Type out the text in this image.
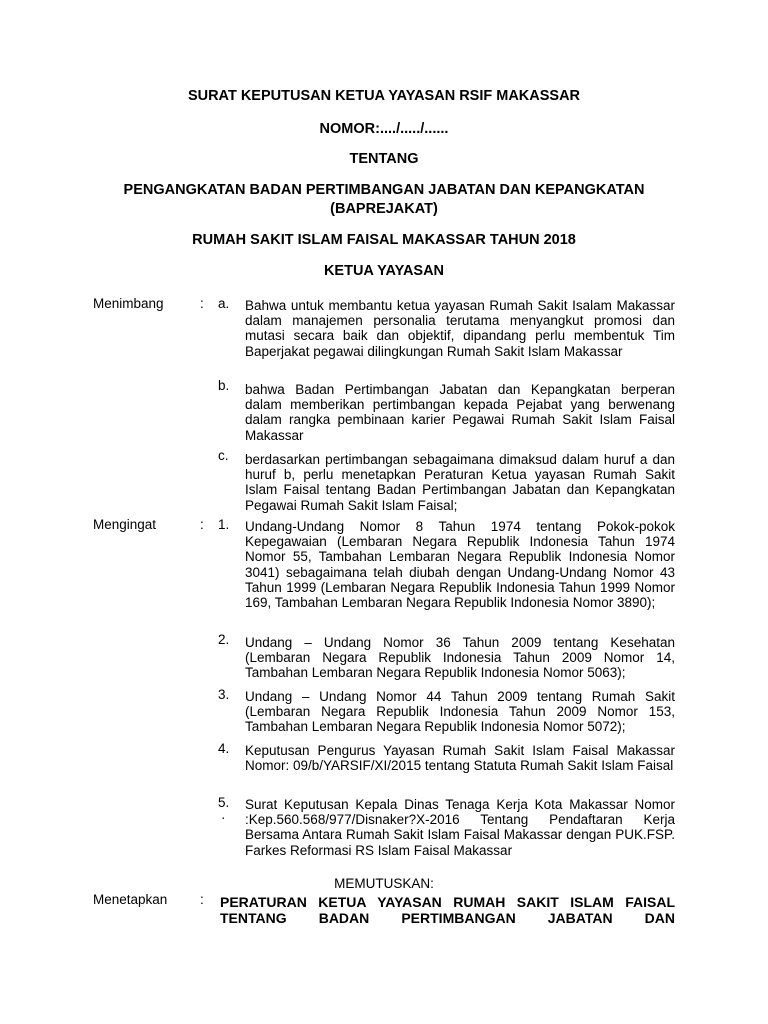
SURAT KEPUTUSAN KETUA YAYASAN RSIF MAKASSAR
NOMOR:..../...../......
TENTANG
PENGANGKATAN BADAN PERTIMBANGAN JABATAN DAN KEPANGKATAN
(BAPREJAKAT)
RUMAH SAKIT ISLAM FAISAL MAKASSAR TAHUN 2018
KETUA YAYASAN
Menimbang	: a. Bahwa untuk membantu ketua yayasan Rumah Sakit Isalam Makassar dalam manajemen personalia terutama menyangkut promosi dan mutasi secara baik dan objektif, dipandang perlu membentuk Tim Baperjakat pegawai dilingkungan Rumah Sakit Islam Makassar
b. bahwa Badan Pertimbangan Jabatan dan Kepangkatan berperan dalam memberikan pertimbangan kepada Pejabat yang berwenang dalam rangka pembinaan karier Pegawai Rumah Sakit Islam Faisal Makassar
c. berdasarkan pertimbangan sebagaimana dimaksud dalam huruf a dan huruf b, perlu menetapkan Peraturan Ketua yayasan Rumah Sakit Islam Faisal tentang Badan Pertimbangan Jabatan dan Kepangkatan Pegawai Rumah Sakit Islam Faisal;
Mengingat	: 1. Undang-Undang Nomor 8 Tahun 1974 tentang Pokok-pokok Kepegawaian (Lembaran Negara Republik Indonesia Tahun 1974 Nomor 55, Tambahan Lembaran Negara Republik Indonesia Nomor 3041) sebagaimana telah diubah dengan Undang-Undang Nomor 43 Tahun 1999 (Lembaran Negara Republik Indonesia Tahun 1999 Nomor 169, Tambahan Lembaran Negara Republik Indonesia Nomor 3890);
2. Undang – Undang Nomor 36 Tahun 2009 tentang Kesehatan (Lembaran Negara Republik Indonesia Tahun 2009 Nomor 14, Tambahan Lembaran Negara Republik Indonesia Nomor 5063);
3. Undang – Undang Nomor 44 Tahun 2009 tentang Rumah Sakit (Lembaran Negara Republik Indonesia Tahun 2009 Nomor 153, Tambahan Lembaran Negara Republik Indonesia Nomor 5072);
4. Keputusan Pengurus Yayasan Rumah Sakit Islam Faisal Makassar Nomor: 09/b/YARSIF/XI/2015 tentang Statuta Rumah Sakit Islam Faisal
5.
·
Surat Keputusan Kepala Dinas Tenaga Kerja Kota Makassar Nomor :Kep.560.568/977/Disnaker?X-2016 Tentang Pendaftaran Kerja Bersama Antara Rumah Sakit Islam Faisal Makassar dengan PUK.FSP. Farkes Reformasi RS Islam Faisal Makassar
MEMUTUSKAN:
Menetapkan : PERATURAN KETUA YAYASAN RUMAH SAKIT ISLAM FAISAL
TENTANG BADAN PERTIMBANGAN JABATAN DAN
